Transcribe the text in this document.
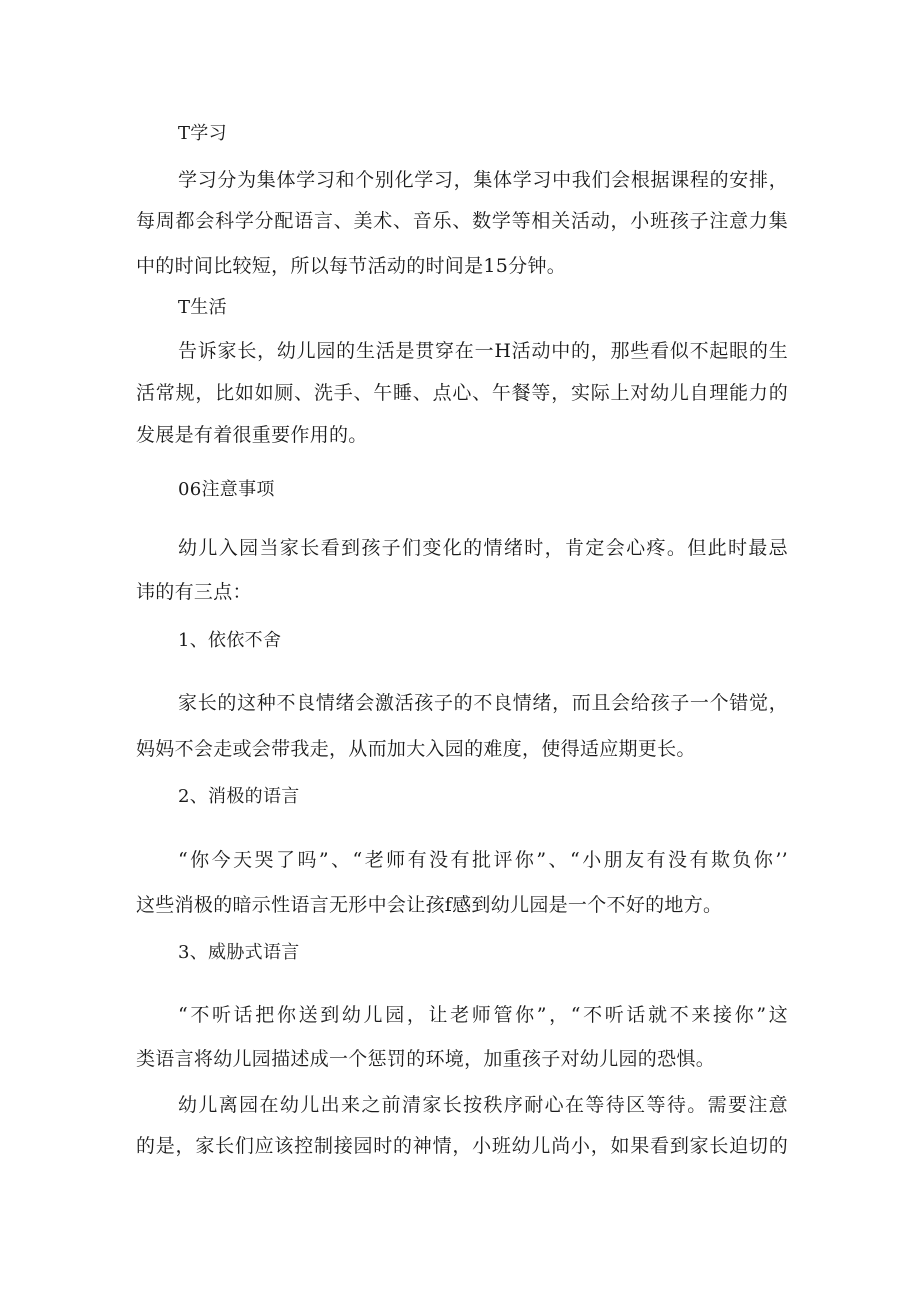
T学习
学习分为集体学习和个别化学习，集体学习中我们会根据课程的安排，
每周都会科学分配语言、美术、音乐、数学等相关活动，小班孩子注意力集
中的时间比较短，所以每节活动的时间是15分钟。
T生活
告诉家长，幼儿园的生活是贯穿在一H活动中的，那些看似不起眼的生
活常规，比如如厕、洗手、午睡、点心、午餐等，实际上对幼儿自理能力的
发展是有着很重要作用的。
06注意事项
幼儿入园当家长看到孩子们变化的情绪时，肯定会心疼。但此时最忌
讳的有三点：
1、依依不舍
家长的这种不良情绪会激活孩子的不良情绪，而且会给孩子一个错觉，
妈妈不会走或会带我走，从而加大入园的难度，使得适应期更长。
2、消极的语言
“你今天哭了吗”、“老师有没有批评你”、“小朋友有没有欺负你’’
这些消极的暗示性语言无形中会让孩f感到幼儿园是一个不好的地方。
3、威胁式语言
“不听话把你送到幼儿园，让老师管你”，“不听话就不来接你”这
类语言将幼儿园描述成一个惩罚的环境，加重孩子对幼儿园的恐惧。
幼儿离园在幼儿出来之前清家长按秩序耐心在等待区等待。需要注意
的是，家长们应该控制接园时的神情，小班幼儿尚小，如果看到家长迫切的
